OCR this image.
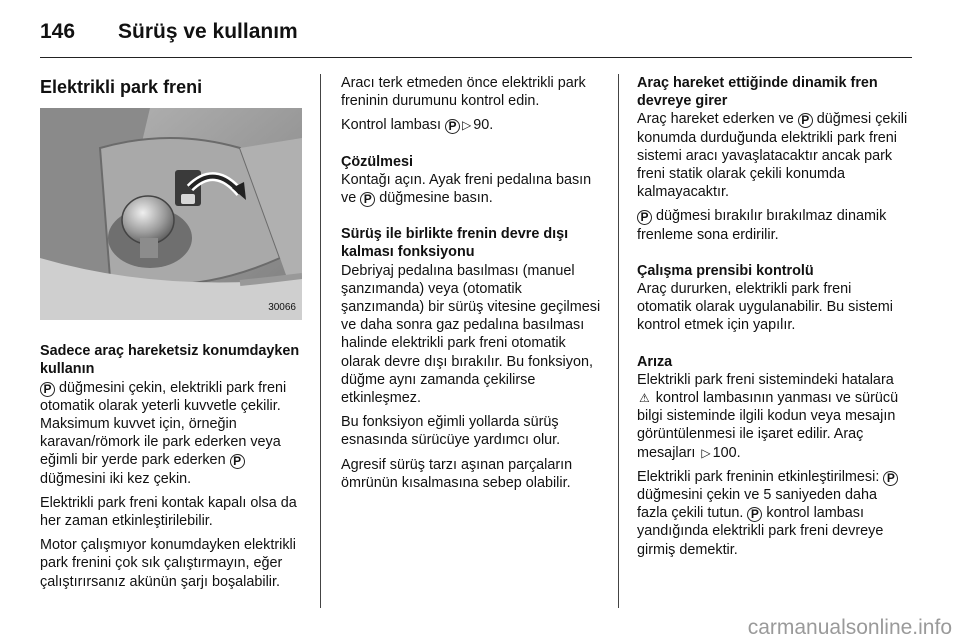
146 Sürüş ve kullanım
Elektrikli park freni
30066

Sadece araç hareketsiz konumdayken kullanın

P düğmesini çekin, elektrikli park freni otomatik olarak yeterli kuvvetle çekilir. Maksimum kuvvet için, örneğin karavan/römork ile park ederken veya eğimli bir yerde park ederken P düğmesini iki kez çekin.

Elektrikli park freni kontak kapalı olsa da her zaman etkinleştirilebilir.

Motor çalışmıyor konumdayken elektrikli park frenini çok sık çalıştırmayın, eğer çalıştırırsanız akünün şarjı boşalabilir.

Aracı terk etmeden önce elektrikli park freninin durumunu kontrol edin.

Kontrol lambası P ▷ 90.

Çözülmesi

Kontağı açın. Ayak freni pedalına basın ve P düğmesine basın.

Sürüş ile birlikte frenin devre dışı kalması fonksiyonu

Debriyaj pedalına basılması (manuel şanzımanda) veya (otomatik şanzımanda) bir sürüş vitesine geçilmesi ve daha sonra gaz pedalına basılması halinde elektrikli park freni otomatik olarak devre dışı bırakılır. Bu fonksiyon, düğme aynı zamanda çekilirse etkinleşmez.

Bu fonksiyon eğimli yollarda sürüş esnasında sürücüye yardımcı olur.

Agresif sürüş tarzı aşınan parçaların ömrünün kısalmasına sebep olabilir.

Araç hareket ettiğinde dinamik fren devreye girer

Araç hareket ederken ve P düğmesi çekili konumda durduğunda elektrikli park freni sistemi aracı yavaşlatacaktır ancak park freni statik olarak çekili konumda kalmayacaktır.

P düğmesi bırakılır bırakılmaz dinamik frenleme sona erdirilir.

Çalışma prensibi kontrolü

Araç dururken, elektrikli park freni otomatik olarak uygulanabilir. Bu sistemi kontrol etmek için yapılır.

Arıza

Elektrikli park freni sistemindeki hatalara ⚠ kontrol lambasının yanması ve sürücü bilgi sisteminde ilgili kodun veya mesajın görüntülenmesi ile işaret edilir. Araç mesajları ▷ 100.

Elektrikli park freninin etkinleştirilmesi: P düğmesini çekin ve 5 saniyeden daha fazla çekili tutun. P kontrol lambası yandığında elektrikli park freni devreye girmiş demektir.

carmanualsonline.info
